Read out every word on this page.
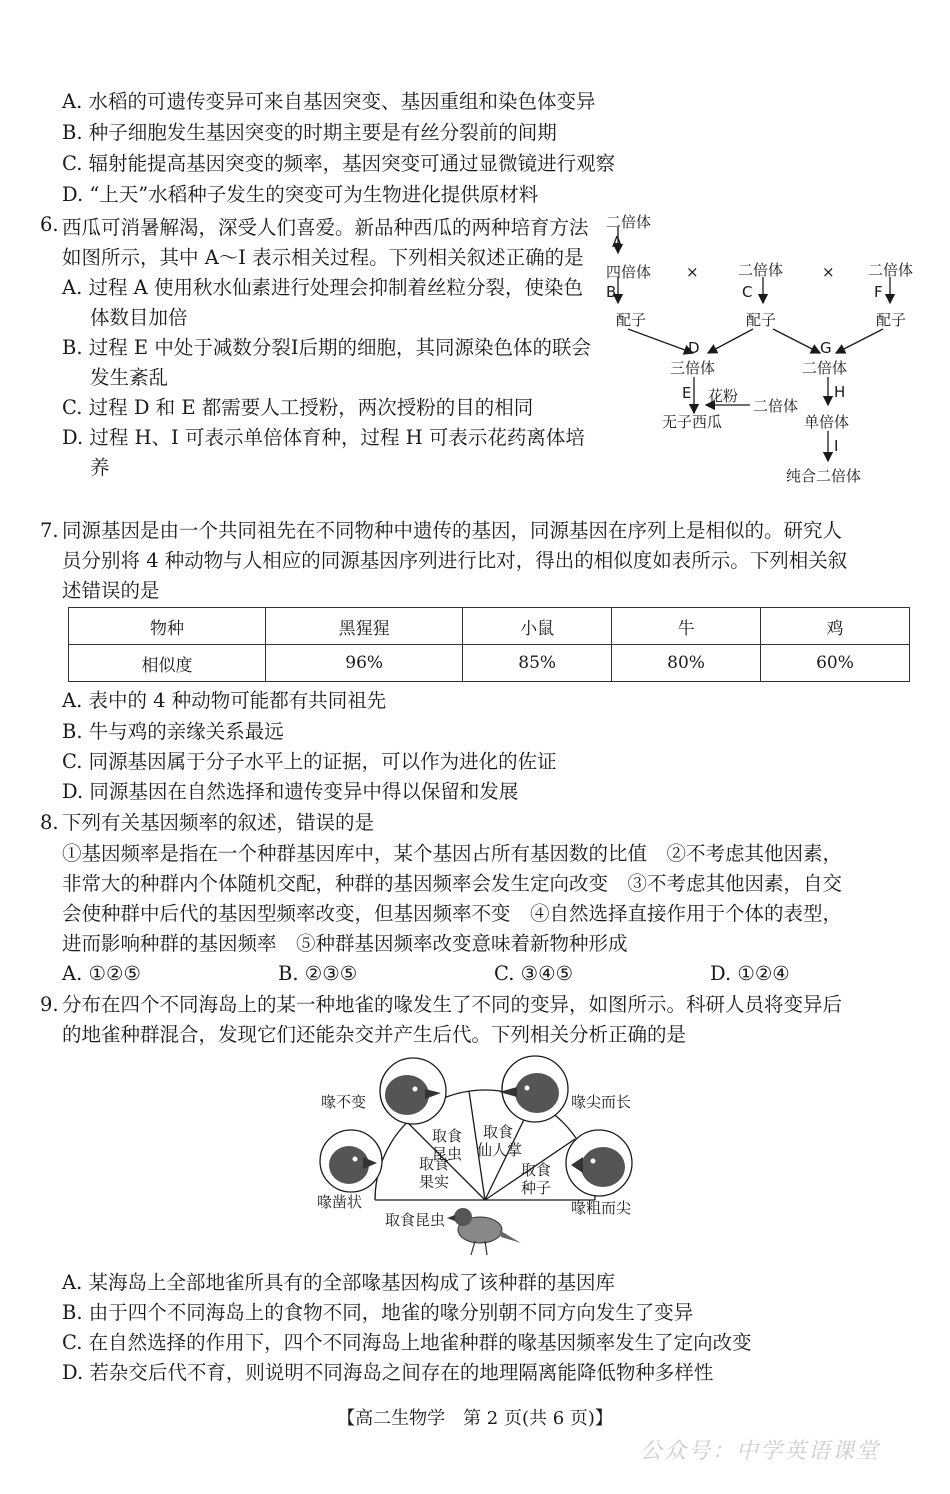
A. 水稻的可遗传变异可来自基因突变、基因重组和染色体变异
B. 种子细胞发生基因突变的时期主要是有丝分裂前的间期
C. 辐射能提高基因突变的频率，基因突变可通过显微镜进行观察
D. “上天”水稻种子发生的突变可为生物进化提供原材料
6. 西瓜可消暑解渴，深受人们喜爱。新品种西瓜的两种培育方法如图所示，其中 A～I 表示相关过程。下列相关叙述正确的是

A. 过程 A 使用秋水仙素进行处理会抑制着丝粒分裂，使染色体数目加倍

B. 过程 E 中处于减数分裂Ⅰ后期的细胞，其同源染色体的联会发生紊乱

C. 过程 D 和 E 都需要人工授粉，两次授粉的目的相同

D. 过程 H、I 可表示单倍体育种，过程 H 可表示花药离体培养

二倍体
A
四倍体 ×	二倍体	× 二倍体
B	C	F
配子	配子	配子
D	G
三倍体	二倍体
E 花粉
二倍体
H
无子西瓜	单倍体
I
纯合二倍体
7. 同源基因是由一个共同祖先在不同物种中遗传的基因，同源基因在序列上是相似的。研究人
员分别将 4 种动物与人相应的同源基因序列进行比对，得出的相似度如表所示。下列相关叙
述错误的是
物种	黑猩猩	小鼠	牛	鸡
相似度	96%	85%	80%	60%
A. 表中的 4 种动物可能都有共同祖先
B. 牛与鸡的亲缘关系最远
C. 同源基因属于分子水平上的证据，可以作为进化的佐证
D. 同源基因在自然选择和遗传变异中得以保留和发展
8. 下列有关基因频率的叙述，错误的是
①基因频率是指在一个种群基因库中，某个基因占所有基因数的比值　②不考虑其他因素，
非常大的种群内个体随机交配，种群的基因频率会发生定向改变　③不考虑其他因素，自交
会使种群中后代的基因型频率改变，但基因频率不变　④自然选择直接作用于个体的表型，
进而影响种群的基因频率　⑤种群基因频率改变意味着新物种形成
A. ①②⑤	B. ②③⑤	C. ③④⑤	D. ①②④
9. 分布在四个不同海岛上的某一种地雀的喙发生了不同的变异，如图所示。科研人员将变异后
的地雀种群混合，发现它们还能杂交并产生后代。下列相关分析正确的是
取食
果实
取食
昆虫
取食
仙人掌
取食
种子
喙不变	喙尖而长
喙凿状	喙粗而尖
取食昆虫
A. 某海岛上全部地雀所具有的全部喙基因构成了该种群的基因库
B. 由于四个不同海岛上的食物不同，地雀的喙分别朝不同方向发生了变异
C. 在自然选择的作用下，四个不同海岛上地雀种群的喙基因频率发生了定向改变
D. 若杂交后代不育，则说明不同海岛之间存在的地理隔离能降低物种多样性
【高二生物学　第 2 页(共 6 页)】
公众号：中学英语课堂
